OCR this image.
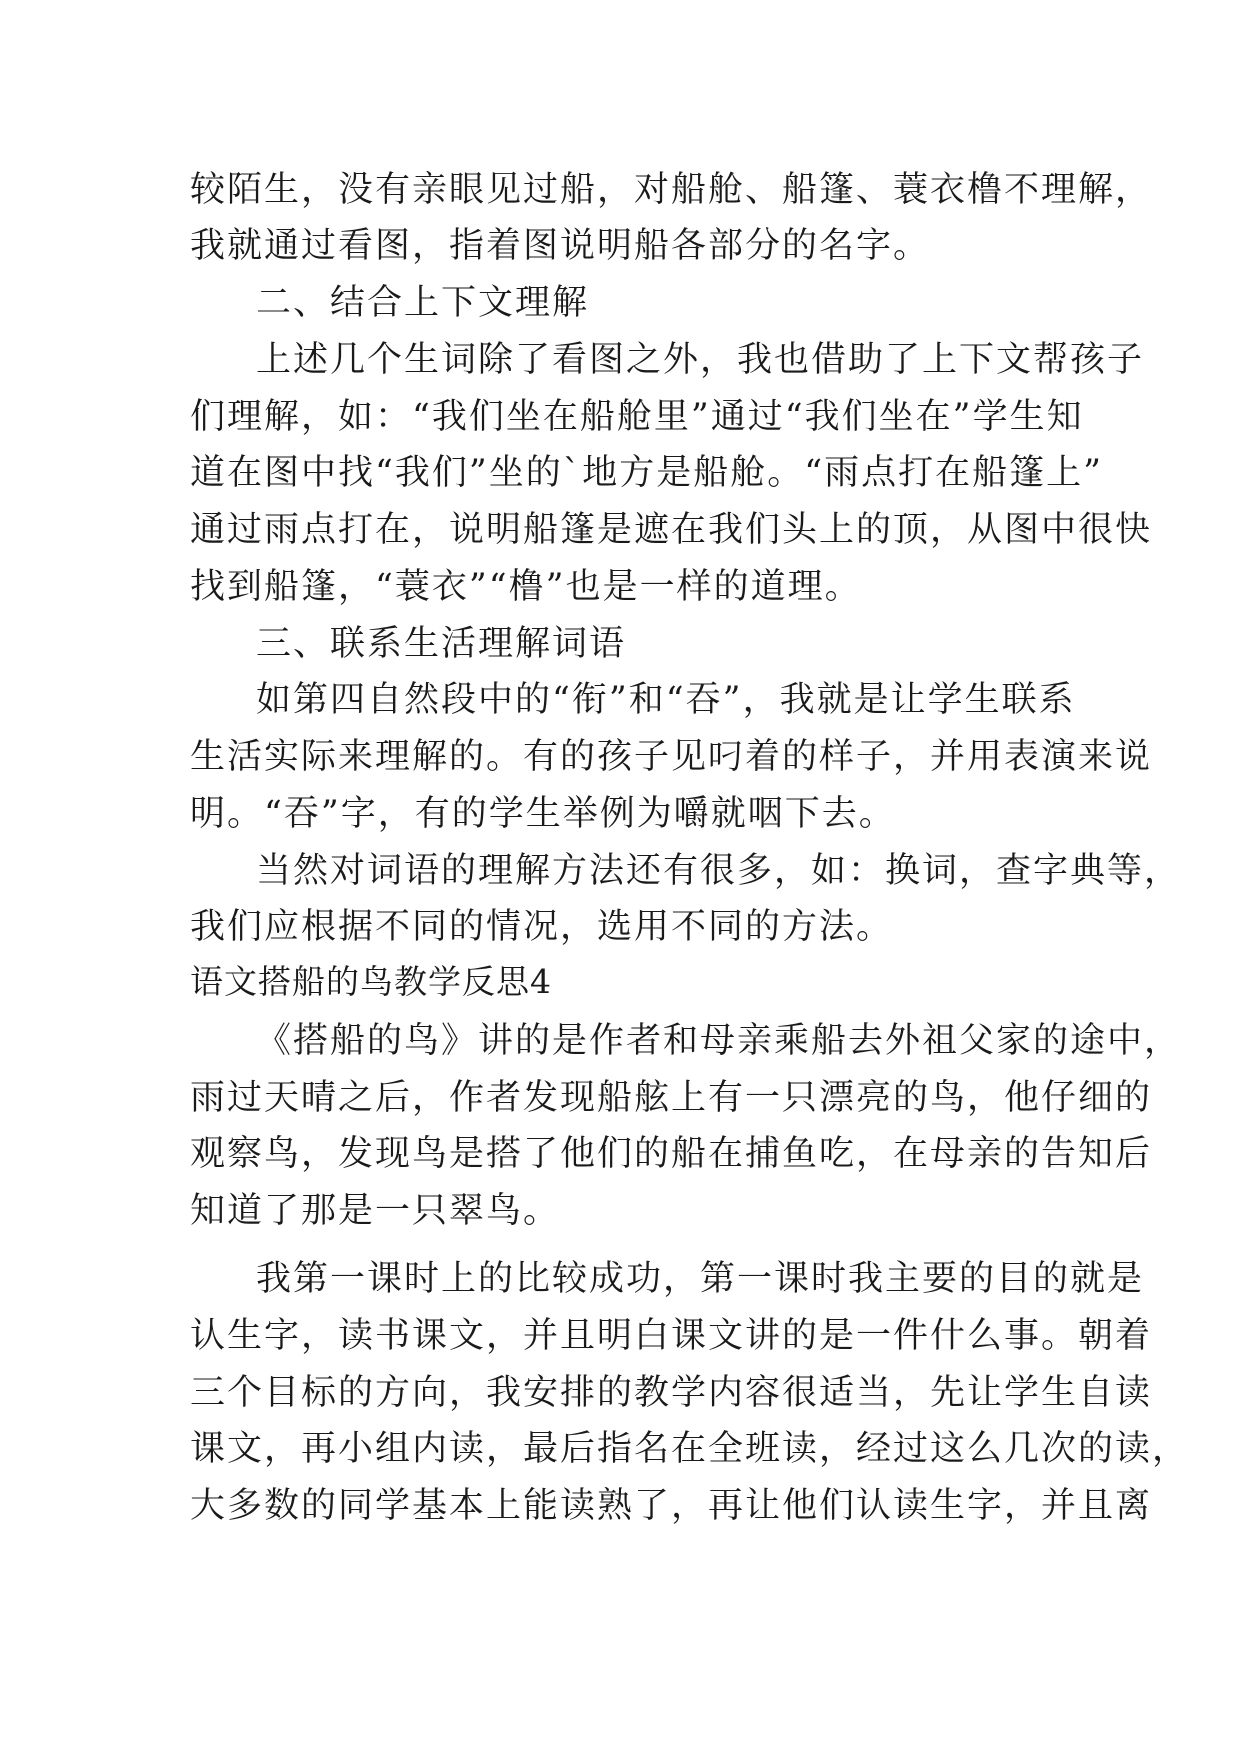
较陌生，没有亲眼见过船，对船舱、船篷、蓑衣橹不理解，
我就通过看图，指着图说明船各部分的名字。
二、结合上下文理解
上述几个生词除了看图之外，我也借助了上下文帮孩子
们理解，如：“我们坐在船舱里”通过“我们坐在”学生知
道在图中找“我们”坐的`地方是船舱。“雨点打在船篷上”
通过雨点打在，说明船篷是遮在我们头上的顶，从图中很快
找到船篷，“蓑衣”“橹”也是一样的道理。
三、联系生活理解词语
如第四自然段中的“衔”和“吞”，我就是让学生联系
生活实际来理解的。有的孩子见叼着的样子，并用表演来说
明。“吞”字，有的学生举例为嚼就咽下去。
当然对词语的理解方法还有很多，如：换词，查字典等，
我们应根据不同的情况，选用不同的方法。
语文搭船的鸟教学反思4
《搭船的鸟》讲的是作者和母亲乘船去外祖父家的途中，
雨过天晴之后，作者发现船舷上有一只漂亮的鸟，他仔细的
观察鸟，发现鸟是搭了他们的船在捕鱼吃，在母亲的告知后
知道了那是一只翠鸟。
我第一课时上的比较成功，第一课时我主要的目的就是
认生字，读书课文，并且明白课文讲的是一件什么事。朝着
三个目标的方向，我安排的教学内容很适当，先让学生自读
课文，再小组内读，最后指名在全班读，经过这么几次的读，
大多数的同学基本上能读熟了，再让他们认读生字，并且离
